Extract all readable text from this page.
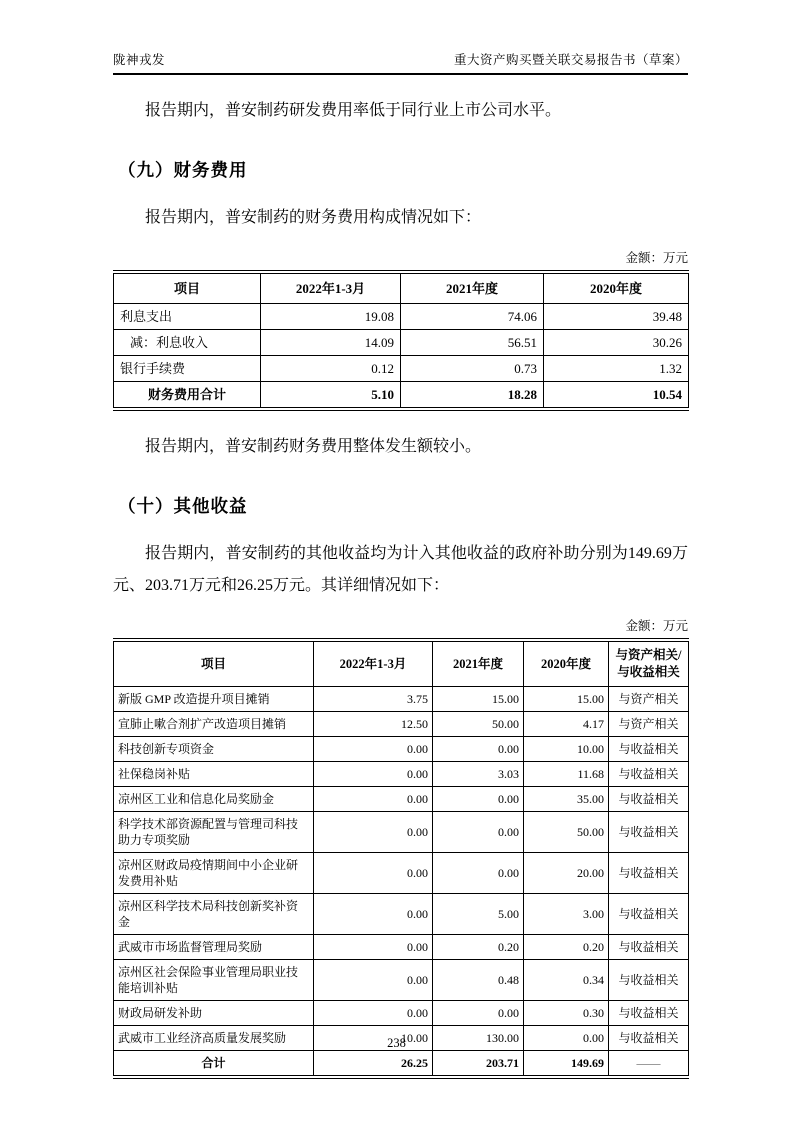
陇神戎发	重大资产购买暨关联交易报告书（草案）

报告期内，普安制药研发费用率低于同行业上市公司水平。

（九）财务费用

报告期内，普安制药的财务费用构成情况如下：

金额：万元
项目	2022年1-3月	2021年度	2020年度
利息支出	19.08	74.06	39.48
减：利息收入	14.09	56.51	30.26
银行手续费	0.12	0.73	1.32
财务费用合计	5.10	18.28	10.54

报告期内，普安制药财务费用整体发生额较小。

（十）其他收益

报告期内，普安制药的其他收益均为计入其他收益的政府补助分别为149.69万元、203.71万元和26.25万元。其详细情况如下：

金额：万元
项目	2022年1-3月	2021年度	2020年度	与资产相关/与收益相关
新版 GMP 改造提升项目摊销	3.75	15.00	15.00	与资产相关
宣肺止嗽合剂扩产改造项目摊销	12.50	50.00	4.17	与资产相关
科技创新专项资金	0.00	0.00	10.00	与收益相关
社保稳岗补贴	0.00	3.03	11.68	与收益相关
凉州区工业和信息化局奖励金	0.00	0.00	35.00	与收益相关
科学技术部资源配置与管理司科技助力专项奖励	0.00	0.00	50.00	与收益相关
凉州区财政局疫情期间中小企业研发费用补贴	0.00	0.00	20.00	与收益相关
凉州区科学技术局科技创新奖补资金	0.00	5.00	3.00	与收益相关
武威市市场监督管理局奖励	0.00	0.20	0.20	与收益相关
凉州区社会保险事业管理局职业技能培训补贴	0.00	0.48	0.34	与收益相关
财政局研发补助	0.00	0.00	0.30	与收益相关
武威市工业经济高质量发展奖励	10.00	130.00	0.00	与收益相关
合计	26.25	203.71	149.69	——
238
